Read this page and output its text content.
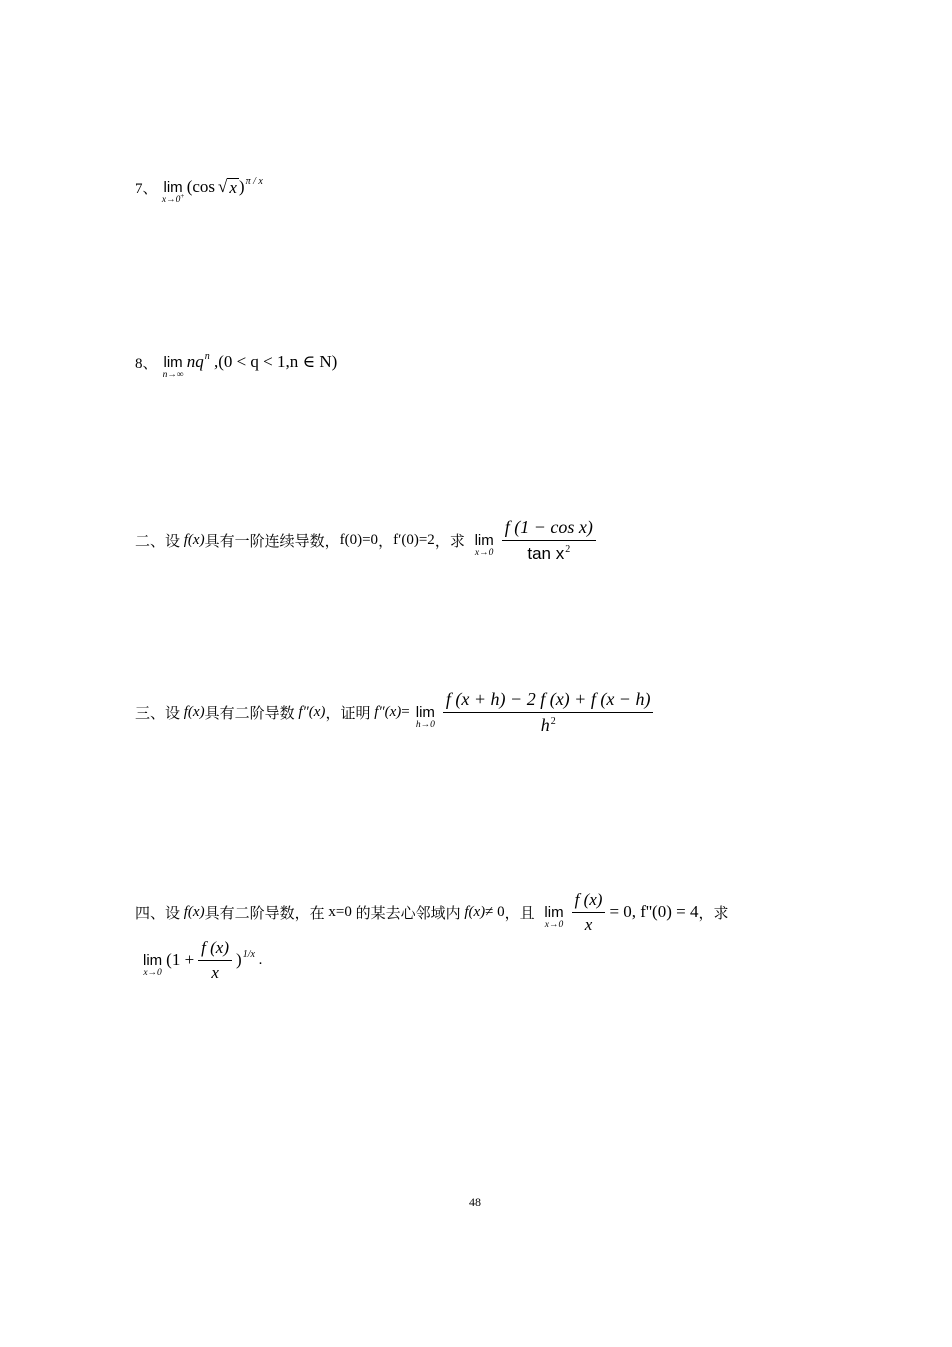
7、 lim
x→0+ (cos √ x )$^{\pi / x}$
8、 lim
n→∞
$nq^n$ ,(0 < q < 1,n ∈ N)
二、设 f(x) 具有一阶连续导数， f(0)=0 ， f′(0)=2 ，求 lim
$x\to 0 \frac{\text{f (1 − cos x)}}{\tan x^2}$
三、设 f(x) 具有二阶导数 f″(x) ，证明 f″(x) = lim
$h\to 0 \frac{f (x + h) - 2 f (x) + f (x - h)}{h^2}$
四、设 f(x) 具有二阶导数，在 x=0 的某去心邻域内 f(x) ≠ 0 ，且 lim
$x\to 0 \frac{f (x)}{x} = 0$, f''(0) = 4 ，求
lim
x→0
$(1 + \frac{f (x)}{x} )^{1/x}$ .
48
